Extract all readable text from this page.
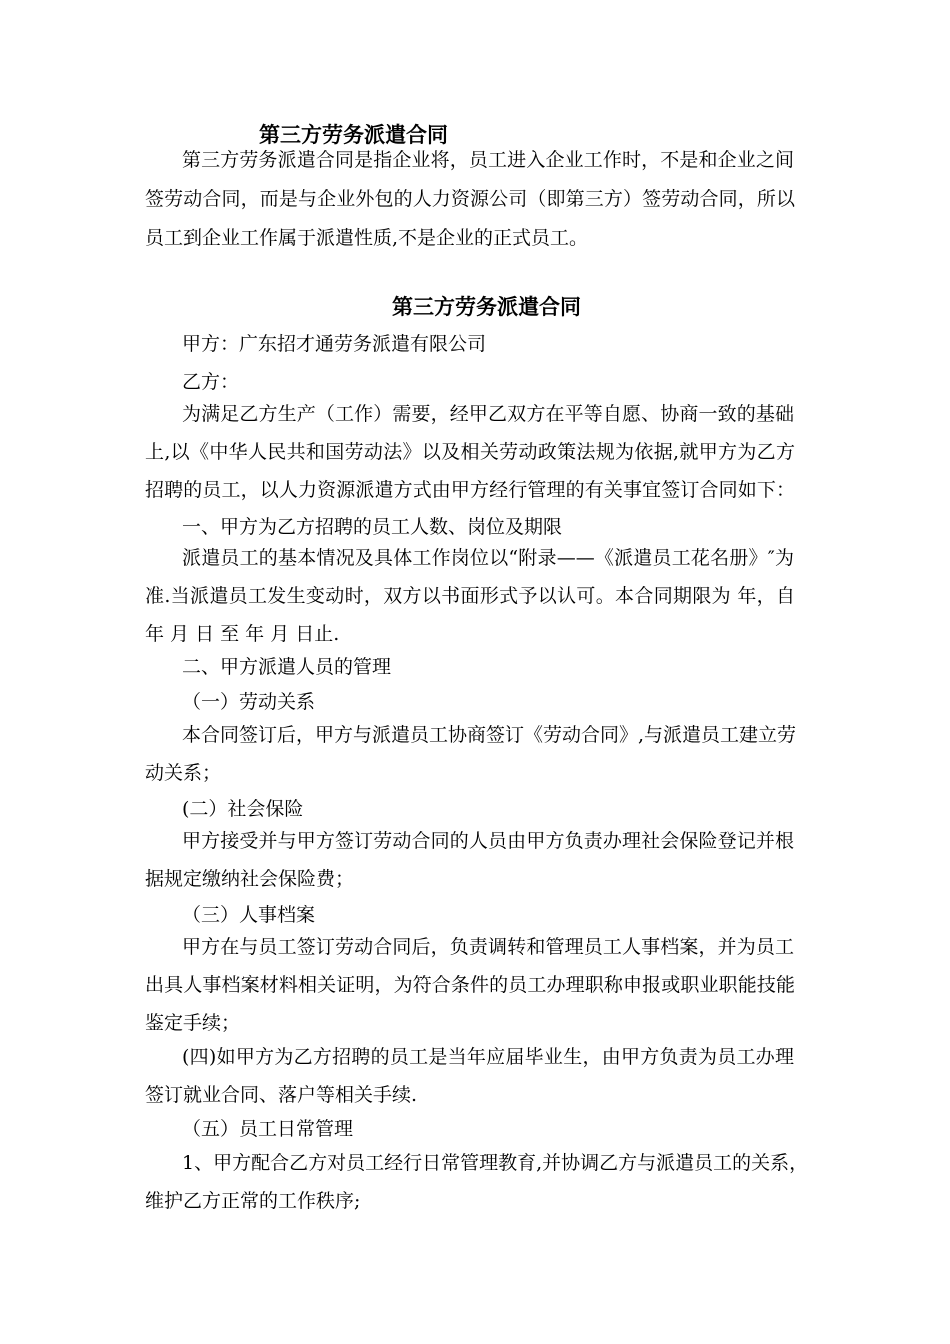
第三方劳务派遣合同
第三方劳务派遣合同是指企业将，员工进入企业工作时，不是和企业之间
签劳动合同，而是与企业外包的人力资源公司（即第三方）签劳动合同，所以
员工到企业工作属于派遣性质,不是企业的正式员工。
第三方劳务派遣合同
甲方：广东招才通劳务派遣有限公司
乙方：
为满足乙方生产（工作）需要，经甲乙双方在平等自愿、协商一致的基础
上,以《中华人民共和国劳动法》以及相关劳动政策法规为依据,就甲方为乙方
招聘的员工，以人力资源派遣方式由甲方经行管理的有关事宜签订合同如下：
一、甲方为乙方招聘的员工人数、岗位及期限
派遣员工的基本情况及具体工作岗位以“附录——《派遣员工花名册》″为
准.当派遣员工发生变动时，双方以书面形式予以认可。本合同期限为 年，自
年 月 日 至 年 月 日止.
二、甲方派遣人员的管理
（一）劳动关系
本合同签订后，甲方与派遣员工协商签订《劳动合同》,与派遣员工建立劳
动关系；
(二）社会保险
甲方接受并与甲方签订劳动合同的人员由甲方负责办理社会保险登记并根
据规定缴纳社会保险费；
（三）人事档案
甲方在与员工签订劳动合同后，负责调转和管理员工人事档案，并为员工
出具人事档案材料相关证明，为符合条件的员工办理职称申报或职业职能技能
鉴定手续；
(四)如甲方为乙方招聘的员工是当年应届毕业生，由甲方负责为员工办理
签订就业合同、落户等相关手续.
（五）员工日常管理
1、甲方配合乙方对员工经行日常管理教育,并协调乙方与派遣员工的关系，
维护乙方正常的工作秩序;
